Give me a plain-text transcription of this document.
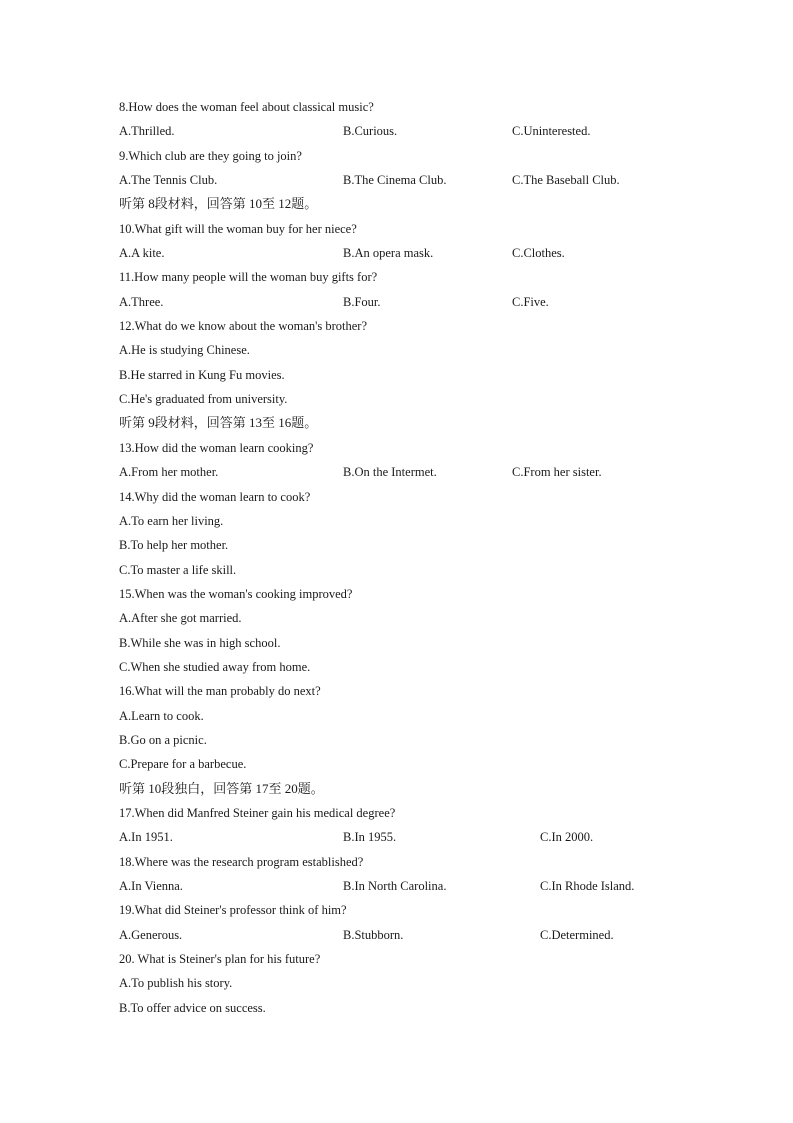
8.How does the woman feel about classical music?
A.Thrilled.	B.Curious.	C.Uninterested.
9.Which club are they going to join?
A.The Tennis Club.	B.The Cinema Club.	C.The Baseball Club.
听第 8段材料，回答第 10至 12题。
10.What gift will the woman buy for her niece?
A.A kite.	B.An opera mask.	C.Clothes.
11.How many people will the woman buy gifts for?
A.Three.	B.Four.	C.Five.
12.What do we know about the woman's brother?
A.He is studying Chinese.
B.He starred in Kung Fu movies.
C.He's graduated from university.
听第 9段材料，回答第 13至 16题。
13.How did the woman learn cooking?
A.From her mother.	B.On the Intermet.	C.From her sister.
14.Why did the woman learn to cook?
A.To earn her living.
B.To help her mother.
C.To master a life skill.
15.When was the woman's cooking improved?
A.After she got married.
B.While she was in high school.
C.When she studied away from home.
16.What will the man probably do next?
A.Learn to cook.
B.Go on a picnic.
C.Prepare for a barbecue.
听第 10段独白，回答第 17至 20题。
17.When did Manfred Steiner gain his medical degree?
A.In 1951.	B.In 1955.	C.In 2000.
18.Where was the research program established?
A.In Vienna.	B.In North Carolina.	C.In Rhode Island.
19.What did Steiner's professor think of him?
A.Generous.	B.Stubborn.	C.Determined.
20. What is Steiner's plan for his future?
A.To publish his story.
B.To offer advice on success.
